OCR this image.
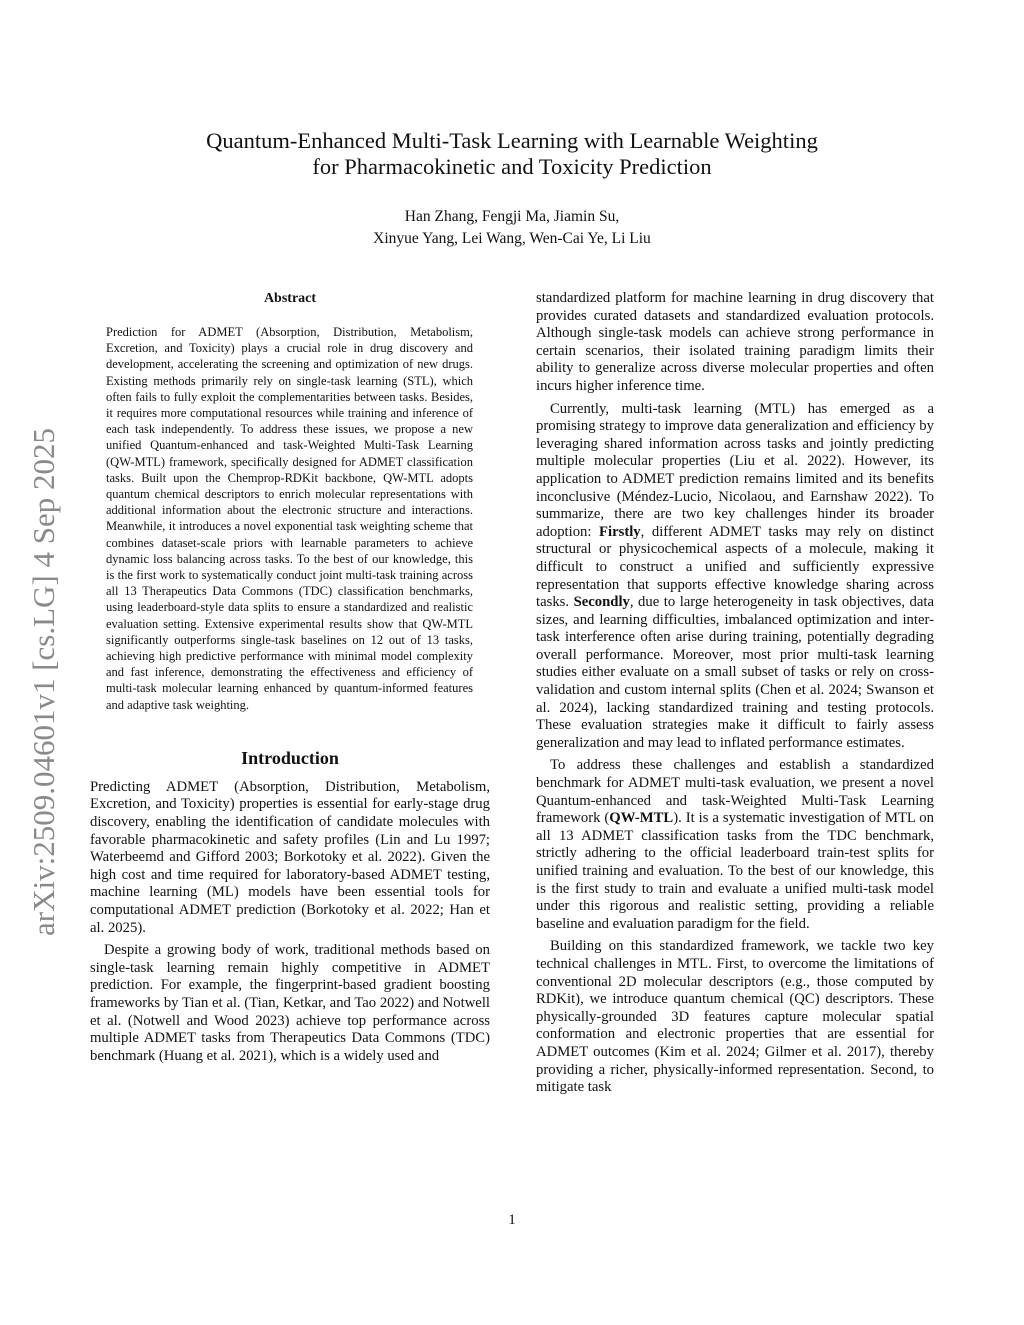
Quantum-Enhanced Multi-Task Learning with Learnable Weighting
for Pharmacokinetic and Toxicity Prediction
Han Zhang, Fengji Ma, Jiamin Su,
Xinyue Yang, Lei Wang, Wen-Cai Ye, Li Liu
arXiv:2509.04601v1 [cs.LG] 4 Sep 2025
Abstract

Prediction for ADMET (Absorption, Distribution, Metabolism, Excretion, and Toxicity) plays a crucial role in drug discovery and development, accelerating the screening and optimization of new drugs. Existing methods primarily rely on single-task learning (STL), which often fails to fully exploit the complementarities between tasks. Besides, it requires more computational resources while training and inference of each task independently. To address these issues, we propose a new unified Quantum-enhanced and task-Weighted Multi-Task Learning (QW-MTL) framework, specifically designed for ADMET classification tasks. Built upon the Chemprop-RDKit backbone, QW-MTL adopts quantum chemical descriptors to enrich molecular representations with additional information about the electronic structure and interactions. Meanwhile, it introduces a novel exponential task weighting scheme that combines dataset-scale priors with learnable parameters to achieve dynamic loss balancing across tasks. To the best of our knowledge, this is the first work to systematically conduct joint multi-task training across all 13 Therapeutics Data Commons (TDC) classification benchmarks, using leaderboard-style data splits to ensure a standardized and realistic evaluation setting. Extensive experimental results show that QW-MTL significantly outperforms single-task baselines on 12 out of 13 tasks, achieving high predictive performance with minimal model complexity and fast inference, demonstrating the effectiveness and efficiency of multi-task molecular learning enhanced by quantum-informed features and adaptive task weighting.

Introduction

Predicting ADMET (Absorption, Distribution, Metabolism, Excretion, and Toxicity) properties is essential for early-stage drug discovery, enabling the identification of candidate molecules with favorable pharmacokinetic and safety profiles (Lin and Lu 1997; Waterbeemd and Gifford 2003; Borkotoky et al. 2022). Given the high cost and time required for laboratory-based ADMET testing, machine learning (ML) models have been essential tools for computational ADMET prediction (Borkotoky et al. 2022; Han et al. 2025).

Despite a growing body of work, traditional methods based on single-task learning remain highly competitive in ADMET prediction. For example, the fingerprint-based gradient boosting frameworks by Tian et al. (Tian, Ketkar, and Tao 2022) and Notwell et al. (Notwell and Wood 2023) achieve top performance across multiple ADMET tasks from Therapeutics Data Commons (TDC) benchmark (Huang et al. 2021), which is a widely used and

standardized platform for machine learning in drug discovery that provides curated datasets and standardized evaluation protocols. Although single-task models can achieve strong performance in certain scenarios, their isolated training paradigm limits their ability to generalize across diverse molecular properties and often incurs higher inference time.

Currently, multi-task learning (MTL) has emerged as a promising strategy to improve data generalization and efficiency by leveraging shared information across tasks and jointly predicting multiple molecular properties (Liu et al. 2022). However, its application to ADMET prediction remains limited and its benefits inconclusive (Méndez-Lucio, Nicolaou, and Earnshaw 2022). To summarize, there are two key challenges hinder its broader adoption: Firstly, different ADMET tasks may rely on distinct structural or physicochemical aspects of a molecule, making it difficult to construct a unified and sufficiently expressive representation that supports effective knowledge sharing across tasks. Secondly, due to large heterogeneity in task objectives, data sizes, and learning difficulties, imbalanced optimization and inter-task interference often arise during training, potentially degrading overall performance. Moreover, most prior multi-task learning studies either evaluate on a small subset of tasks or rely on cross-validation and custom internal splits (Chen et al. 2024; Swanson et al. 2024), lacking standardized training and testing protocols. These evaluation strategies make it difficult to fairly assess generalization and may lead to inflated performance estimates.

To address these challenges and establish a standardized benchmark for ADMET multi-task evaluation, we present a novel Quantum-enhanced and task-Weighted Multi-Task Learning framework (QW-MTL). It is a systematic investigation of MTL on all 13 ADMET classification tasks from the TDC benchmark, strictly adhering to the official leaderboard train-test splits for unified training and evaluation. To the best of our knowledge, this is the first study to train and evaluate a unified multi-task model under this rigorous and realistic setting, providing a reliable baseline and evaluation paradigm for the field.

Building on this standardized framework, we tackle two key technical challenges in MTL. First, to overcome the limitations of conventional 2D molecular descriptors (e.g., those computed by RDKit), we introduce quantum chemical (QC) descriptors. These physically-grounded 3D features capture molecular spatial conformation and electronic properties that are essential for ADMET outcomes (Kim et al. 2024; Gilmer et al. 2017), thereby providing a richer, physically-informed representation. Second, to mitigate task

1
